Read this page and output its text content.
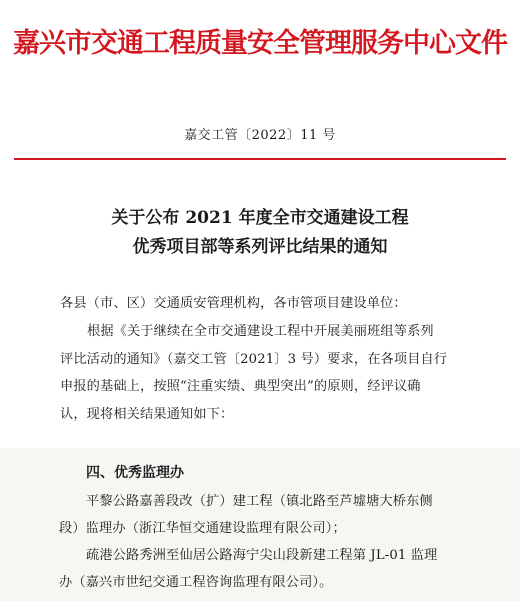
嘉兴市交通工程质量安全管理服务中心文件
嘉交工管〔2022〕11 号
关于公布 2021 年度全市交通建设工程
优秀项目部等系列评比结果的通知
各县（市、区）交通质安管理机构，各市管项目建设单位：
根据《关于继续在全市交通建设工程中开展美丽班组等系列
评比活动的通知》（嘉交工管〔2021〕3 号）要求，在各项目自行
申报的基础上，按照“注重实绩、典型突出”的原则，经评议确
认，现将相关结果通知如下：
四、优秀监理办
平黎公路嘉善段改（扩）建工程（镇北路至芦墟塘大桥东侧
段）监理办（浙江华恒交通建设监理有限公司）；
疏港公路秀洲至仙居公路海宁尖山段新建工程第 JL-01 监理
办（嘉兴市世纪交通工程咨询监理有限公司）。
